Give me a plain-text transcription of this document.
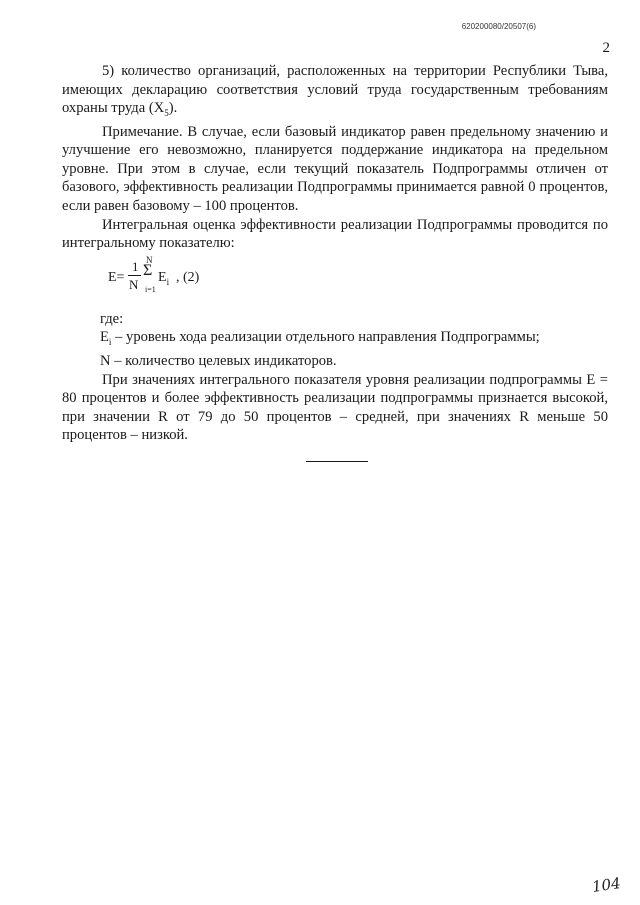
620200080/20507(6)
2

5) количество организаций, расположенных на территории Республики Тыва, имеющих декларацию соответствия условий труда государственным требованиям охраны труда $(X_5)$.

Примечание. В случае, если базовый индикатор равен предельному значению и улучшение его невозможно, планируется поддержание индикатора на предельном уровне. При этом в случае, если текущий показатель Подпрограммы отличен от базового, эффективность реализации Подпрограммы принимается равной 0 процентов, если равен базовому – 100 процентов.

Интегральная оценка эффективности реализации Подпрограммы проводится по интегральному показателю:

E=
1
N
N
Σ
i=1
$E_i$ , (2)

где:

$E_i$ – уровень хода реализации отдельного направления Подпрограммы;

N – количество целевых индикаторов.

При значениях интегрального показателя уровня реализации подпрограммы E = 80 процентов и более эффективность реализации подпрограммы признается высокой, при значении R от 79 до 50 процентов – средней, при значениях R меньше 50 процентов – низкой.

104
